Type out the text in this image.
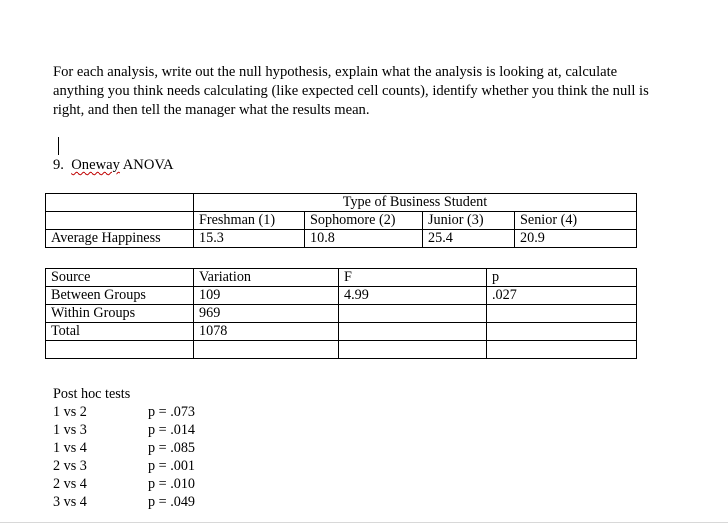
For each analysis, write out the null hypothesis, explain what the analysis is looking at, calculate anything you think needs calculating (like expected cell counts), identify whether you think the null is right, and then tell the manager what the results mean.

9. Oneway ANOVA
	Type of Business Student			
	Freshman (1)	Sophomore (2)	Junior (3)	Senior (4)
Average Happiness	15.3	10.8	25.4	20.9
Source	Variation	F	p
Between Groups	109	4.99	.027
Within Groups	969		
Total	1078		

Post hoc tests
1 vs 2	p = .073
1 vs 3	p = .014
1 vs 4	p = .085
2 vs 3	p = .001
2 vs 4	p = .010
3 vs 4	p = .049
